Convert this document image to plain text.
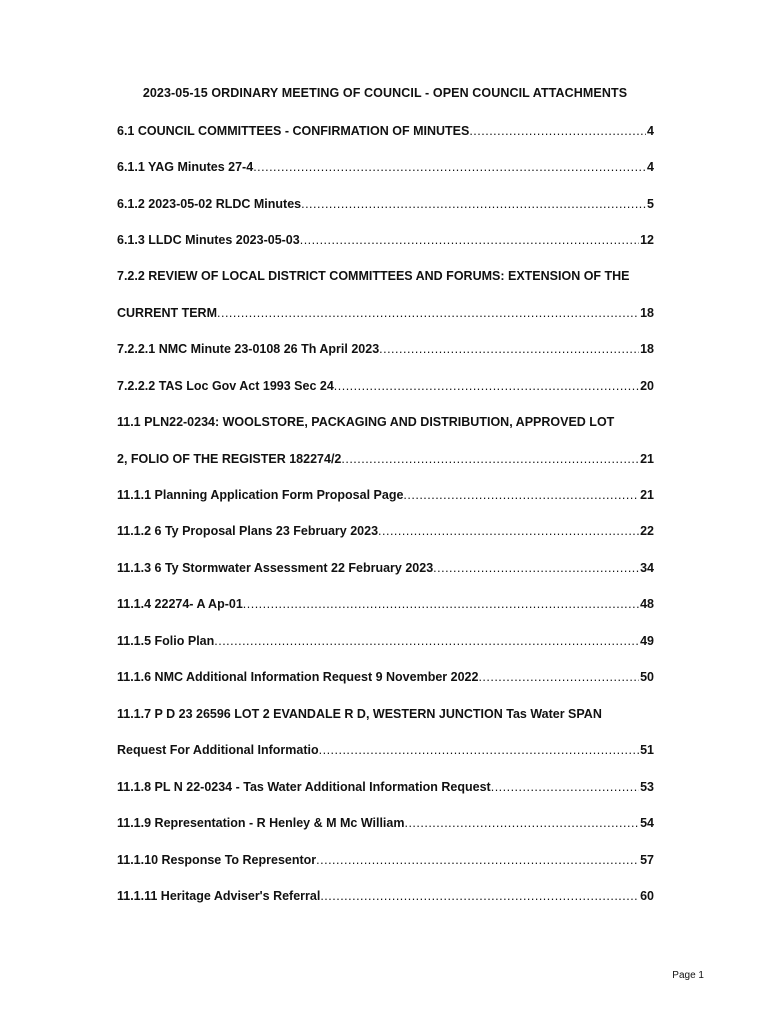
2023-05-15 ORDINARY MEETING OF COUNCIL - OPEN COUNCIL ATTACHMENTS
6.1 COUNCIL COMMITTEES - CONFIRMATION OF MINUTES .....	4
6.1.1 YAG Minutes 27-4 .....	4
6.1.2 2023-05-02 RLDC Minutes .....	5
6.1.3 LLDC Minutes 2023-05-03 .....	12
7.2.2 REVIEW OF LOCAL DISTRICT COMMITTEES AND FORUMS: EXTENSION OF THE
CURRENT TERM .....	18
7.2.2.1 NMC Minute 23-0108 26 Th April 2023 .....	18
7.2.2.2 TAS Loc Gov Act 1993 Sec 24 .....	20
11.1 PLN22-0234: WOOLSTORE, PACKAGING AND DISTRIBUTION, APPROVED LOT
2, FOLIO OF THE REGISTER 182274/2 .....	21
11.1.1 Planning Application Form Proposal Page .....	21
11.1.2 6 Ty Proposal Plans 23 February 2023 .....	22
11.1.3 6 Ty Stormwater Assessment 22 February 2023 .....	34
11.1.4 22274- A Ap-01 .....	48
11.1.5 Folio Plan .....	49
11.1.6 NMC Additional Information Request 9 November 2022 .....	50
11.1.7 P D 23 26596 LOT 2 EVANDALE R D, WESTERN JUNCTION Tas Water SPAN
Request For Additional Informatio .....	51
11.1.8 PL N 22-0234 - Tas Water Additional Information Request .....	53
11.1.9 Representation - R Henley & M Mc William .....	54
11.1.10 Response To Representor .....	57
11.1.11 Heritage Adviser's Referral .....	60
Page 1
